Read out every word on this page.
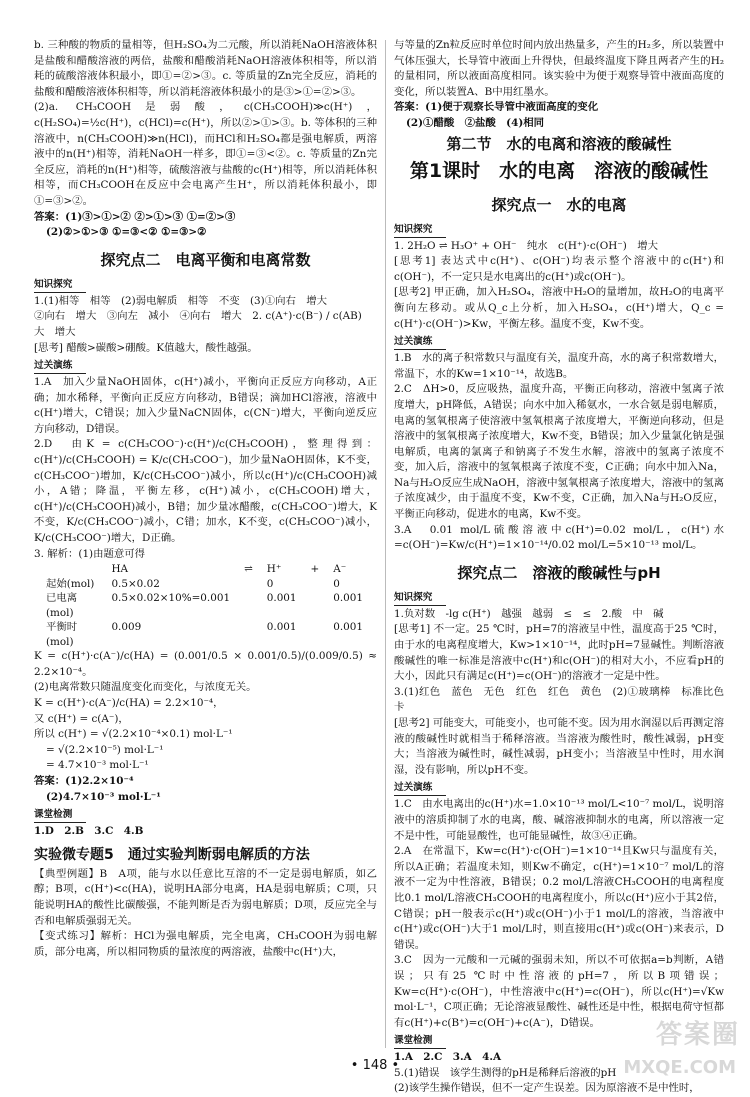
b. 三种酸的物质的量相等，但H₂SO₄为二元酸，所以消耗NaOH溶液体积是盐酸和醋酸溶液的两倍，盐酸和醋酸消耗NaOH溶液体积相等，所以消耗的硫酸溶液体积最小，即①=②>③。c. 等质量的Zn完全反应，消耗的盐酸和醋酸溶液体积相等，所以消耗溶液体积最小的是③>①=②>③。

(2)a. CH₃COOH是弱酸，c(CH₃COOH)≫c(H⁺)，c(H₂SO₄)=½c(H⁺)，c(HCl)=c(H⁺)，所以②>①>③。b. 等体积的三种溶液中，n(CH₃COOH)≫n(HCl)，而HCl和H₂SO₄都是强电解质，两溶液中的n(H⁺)相等，消耗NaOH一样多，即①=③<②。c. 等质量的Zn完全反应，消耗的n(H⁺)相等，硫酸溶液与盐酸的c(H⁺)相等，所以消耗体积相等，而CH₃COOH在反应中会电离产生H⁺，所以消耗体积最小，即①=③>②。

答案：(1)③>①>② ②>①>③ ①=②>③

(2)②>①>③ ①=③<② ①=③>②

探究点二　电离平衡和电离常数
知识探究

1.(1)相等　相等　(2)弱电解质　相等　不变　(3)①向右　增大

②向右　增大　③向左　减小　④向右　增大　2. c(A⁺)·c(B⁻) / c(AB)

大　增大

[思考] 醋酸>碳酸>硼酸。K值越大，酸性越强。

过关演练

1.A　加入少量NaOH固体，c(H⁺)减小，平衡向正反应方向移动，A正确；加水稀释，平衡向正反应方向移动，B错误；滴加HCl溶液，溶液中c(H⁺)增大，C错误；加入少量NaCN固体，c(CN⁻)增大，平衡向逆反应方向移动，D错误。

2.D　由K = c(CH₃COO⁻)·c(H⁺)/c(CH₃COOH)，整理得到：c(H⁺)/c(CH₃COOH) = K/c(CH₃COO⁻)，加少量NaOH固体，K不变，c(CH₃COO⁻)增加，K/c(CH₃COO⁻)减小，所以c(H⁺)/c(CH₃COOH)减小，A错；降温，平衡左移，c(H⁺)减小，c(CH₃COOH)增大，c(H⁺)/c(CH₃COOH)减小，B错；加少量冰醋酸，c(CH₃COO⁻)增大，K不变，K/c(CH₃COO⁻)减小，C错；加水，K不变，c(CH₃COO⁻)减小，K/c(CH₃COO⁻)增大，D正确。

3. 解析：(1)由题意可得

	HA	⇌	H⁺	+	A⁻
起始(mol)	0.5×0.02		0		0
已电离(mol)	0.5×0.02×10%=0.001		0.001		0.001
平衡时(mol)	0.009		0.001		0.001

K = c(H⁺)·c(A⁻)/c(HA) = (0.001/0.5 × 0.001/0.5)/(0.009/0.5) ≈ 2.2×10⁻⁴。

(2)电离常数只随温度变化而变化，与浓度无关。

K = c(H⁺)·c(A⁻)/c(HA) = 2.2×10⁻⁴，

又 c(H⁺) = c(A⁻)，

所以 c(H⁺) = √(2.2×10⁻⁴×0.1) mol·L⁻¹

= √(2.2×10⁻⁵) mol·L⁻¹

= 4.7×10⁻³ mol·L⁻¹

答案：(1)2.2×10⁻⁴

(2)4.7×10⁻³ mol·L⁻¹

课堂检测

1.D　2.B　3.C　4.B

实验微专题5　通过实验判断弱电解质的方法

【典型例题】B　A项，能与水以任意比互溶的不一定是弱电解质，如乙醇；B项，c(H⁺)<c(HA)，说明HA部分电离，HA是弱电解质；C项，只能说明HA的酸性比碳酸强，不能判断是否为弱电解质；D项，反应完全与否和电解质强弱无关。

【变式练习】解析：HCl为强电解质，完全电离，CH₃COOH为弱电解质，部分电离，所以相同物质的量浓度的两溶液，盐酸中c(H⁺)大，

与等量的Zn粒反应时单位时间内放出热量多，产生的H₂多，所以装置中气体压强大，长导管中液面上升得快，但最终温度下降且两者产生的H₂的量相同，所以液面高度相同。该实验中为便于观察导管中液面高度的变化，所以装置A、B中用红墨水。

答案：(1)便于观察长导管中液面高度的变化

(2)①醋酸　②盐酸　(4)相同

第二节　水的电离和溶液的酸碱性
第1课时　水的电离　溶液的酸碱性
探究点一　水的电离
知识探究

1. 2H₂O ⇌ H₃O⁺ + OH⁻　纯水　c(H⁺)·c(OH⁻)　增大

[思考1] 表达式中c(H⁺)、c(OH⁻)均表示整个溶液中的c(H⁺)和c(OH⁻)，不一定只是水电离出的c(H⁺)或c(OH⁻)。

[思考2] 甲正确，加入H₂SO₄，溶液中H₂O的量增加，故H₂O的电离平衡向左移动。或从Q_c上分析，加入H₂SO₄，c(H⁺)增大，Q_c = c(H⁺)·c(OH⁻)>Kw，平衡左移。温度不变，Kw不变。

过关演练

1.B　水的离子积常数只与温度有关，温度升高，水的离子积常数增大，常温下，水的Kw=1×10⁻¹⁴，故选B。

2.C　ΔH>0，反应吸热，温度升高，平衡正向移动，溶液中氢离子浓度增大，pH降低，A错误；向水中加入稀氨水，一水合氨是弱电解质，电离的氢氧根离子使溶液中氢氧根离子浓度增大，平衡逆向移动，但是溶液中的氢氧根离子浓度增大，Kw不变，B错误；加入少量氯化钠是强电解质，电离的氯离子和钠离子不发生水解，溶液中的氢离子浓度不变，加入后，溶液中的氢氧根离子浓度不变，C正确；向水中加入Na，Na与H₂O反应生成NaOH，溶液中氢氧根离子浓度增大，溶液中的氢离子浓度减少，由于温度不变，Kw不变，C正确，加入Na与H₂O反应，平衡正向移动，促进水的电离，Kw不变。

3.A　0.01 mol/L硫酸溶液中c(H⁺)=0.02 mol/L，c(H⁺)水=c(OH⁻)=Kw/c(H⁺)=1×10⁻¹⁴/0.02 mol/L=5×10⁻¹³ mol/L。

探究点二　溶液的酸碱性与pH
知识探究

1.负对数　-lg c(H⁺)　越强　越弱　≤　≤　2.酸　中　碱

[思考1] 不一定。25 ℃时，pH=7的溶液呈中性，温度高于25 ℃时，由于水的电离程度增大，Kw>1×10⁻¹⁴，此时pH=7显碱性。判断溶液酸碱性的唯一标准是溶液中c(H⁺)和c(OH⁻)的相对大小，不应看pH的大小，因此只有满足c(H⁺)=c(OH⁻)的溶液才一定是中性。

3.(1)红色　蓝色　无色　红色　红色　黄色　(2)①玻璃棒　标准比色卡

[思考2] 可能变大，可能变小，也可能不变。因为用水润湿以后再测定溶液的酸碱性时就相当于稀释溶液。当溶液为酸性时，酸性减弱，pH变大；当溶液为碱性时，碱性减弱，pH变小；当溶液呈中性时，用水润湿，没有影响，所以pH不变。

过关演练

1.C　由水电离出的c(H⁺)水=1.0×10⁻¹³ mol/L<10⁻⁷ mol/L，说明溶液中的溶质抑制了水的电离，酸、碱溶液抑制水的电离，所以溶液一定不是中性，可能显酸性，也可能显碱性，故③④正确。

2.A　在常温下，Kw=c(H⁺)·c(OH⁻)=1×10⁻¹⁴且Kw只与温度有关，所以A正确；若温度未知，则Kw不确定，c(H⁺)=1×10⁻⁷ mol/L的溶液不一定为中性溶液，B错误；0.2 mol/L溶液CH₃COOH的电离程度比0.1 mol/L溶液CH₃COOH的电离程度小，所以c(H⁺)应小于其2倍，C错误；pH一般表示c(H⁺)或c(OH⁻)小于1 mol/L的溶液，当溶液中c(H⁺)或c(OH⁻)大于1 mol/L时，则直接用c(H⁺)或c(OH⁻)来表示，D错误。

3.C　因为一元酸和一元碱的强弱未知，所以不可依据a=b判断，A错误；只有25 ℃时中性溶液的pH=7，所以B项错误；Kw=c(H⁺)·c(OH⁻)，中性溶液中c(H⁺)=c(OH⁻)，所以c(H⁺)=√Kw mol·L⁻¹，C项正确；无论溶液显酸性、碱性还是中性，根据电荷守恒都有c(H⁺)+c(B⁺)=c(OH⁻)+c(A⁻)，D错误。

课堂检测

1.A　2.C　3.A　4.A

5.(1)错误　该学生测得的pH是稀释后溶液的pH

(2)该学生操作错误，但不一定产生误差。因为原溶液不是中性时，

答案圈
MXQE.COM
• 148 •
